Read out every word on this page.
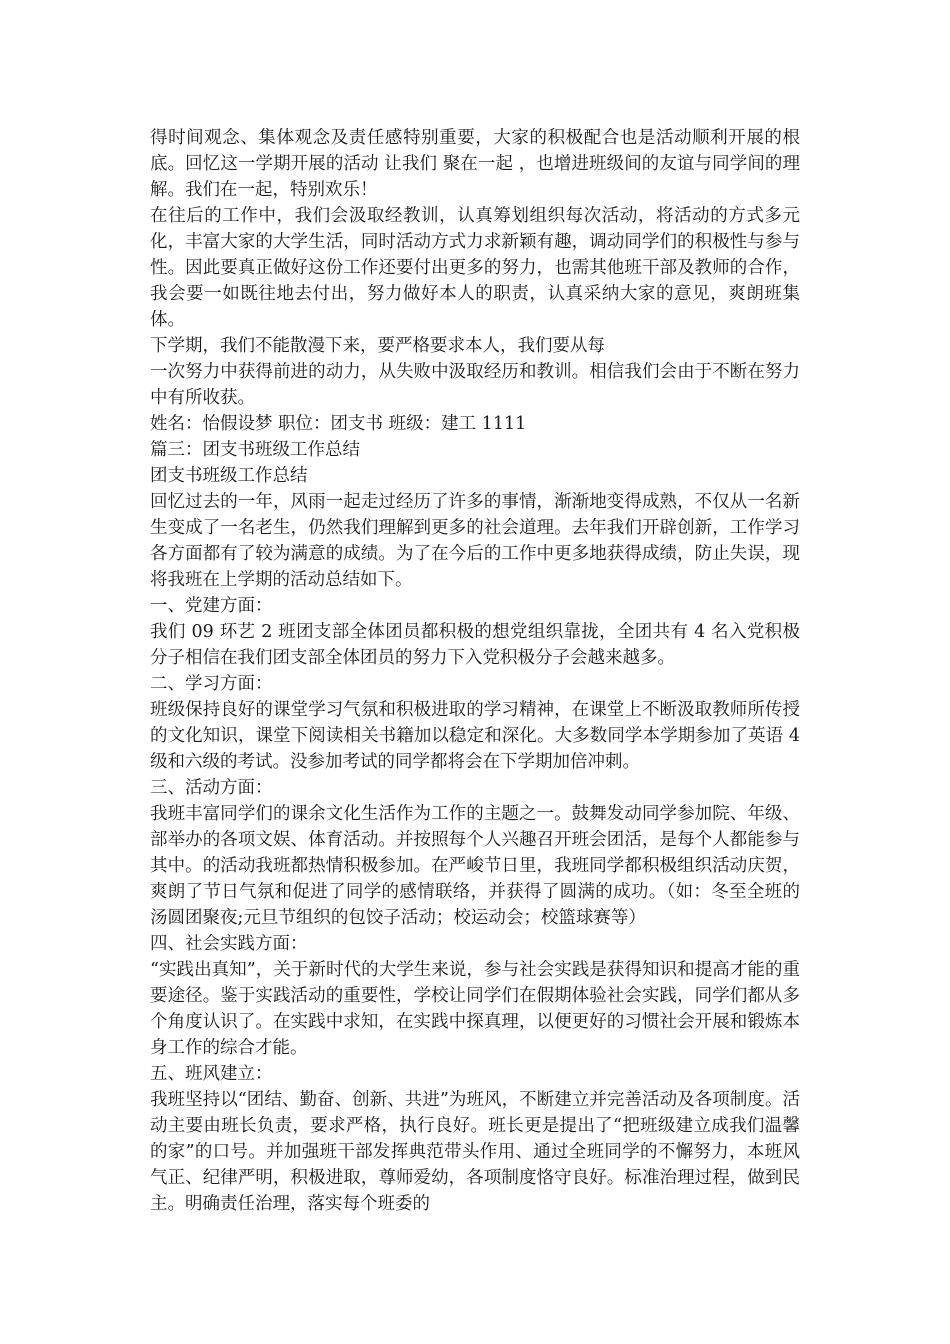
得时间观念、集体观念及责任感特别重要，大家的积极配合也是活动顺利开展的根底。回忆这一学期开展的活动 让我们 聚在一起 ，也增进班级间的友谊与同学间的理解。我们在一起，特别欢乐！

在往后的工作中，我们会汲取经教训，认真筹划组织每次活动，将活动的方式多元化，丰富大家的大学生活，同时活动方式力求新颖有趣，调动同学们的积极性与参与性。因此要真正做好这份工作还要付出更多的努力，也需其他班干部及教师的合作，我会要一如既往地去付出，努力做好本人的职责，认真采纳大家的意见，爽朗班集体。

下学期，我们不能散漫下来，要严格要求本人，我们要从每

一次努力中获得前进的动力，从失败中汲取经历和教训。相信我们会由于不断在努力中有所收获。

姓名：怡假设梦 职位：团支书 班级：建工 1111

篇三：团支书班级工作总结

团支书班级工作总结

回忆过去的一年，风雨一起走过经历了许多的事情，渐渐地变得成熟，不仅从一名新生变成了一名老生，仍然我们理解到更多的社会道理。去年我们开辟创新，工作学习各方面都有了较为满意的成绩。为了在今后的工作中更多地获得成绩，防止失误，现将我班在上学期的活动总结如下。

一、党建方面：

我们 09 环艺 2 班团支部全体团员都积极的想党组织靠拢，全团共有 4 名入党积极分子相信在我们团支部全体团员的努力下入党积极分子会越来越多。

二、学习方面：

班级保持良好的课堂学习气氛和积极进取的学习精神，在课堂上不断汲取教师所传授的文化知识，课堂下阅读相关书籍加以稳定和深化。大多数同学本学期参加了英语 4 级和六级的考试。没参加考试的同学都将会在下学期加倍冲刺。

三、活动方面：

我班丰富同学们的课余文化生活作为工作的主题之一。鼓舞发动同学参加院、年级、部举办的各项文娱、体育活动。并按照每个人兴趣召开班会团活，是每个人都能参与其中。的活动我班都热情积极参加。在严峻节日里，我班同学都积极组织活动庆贺，爽朗了节日气氛和促进了同学的感情联络，并获得了圆满的成功。（如：冬至全班的汤圆团聚夜;元旦节组织的包饺子活动；校运动会；校篮球赛等）

四、社会实践方面：

“实践出真知”，关于新时代的大学生来说，参与社会实践是获得知识和提高才能的重要途径。鉴于实践活动的重要性，学校让同学们在假期体验社会实践，同学们都从多个角度认识了。在实践中求知，在实践中探真理，以便更好的习惯社会开展和锻炼本身工作的综合才能。

五、班风建立：

我班坚持以“团结、勤奋、创新、共进”为班风，不断建立并完善活动及各项制度。活动主要由班长负责，要求严格，执行良好。班长更是提出了“把班级建立成我们温馨的家”的口号。并加强班干部发挥典范带头作用、通过全班同学的不懈努力，本班风气正、纪律严明，积极进取，尊师爱幼，各项制度恪守良好。标准治理过程，做到民主。明确责任治理，落实每个班委的
